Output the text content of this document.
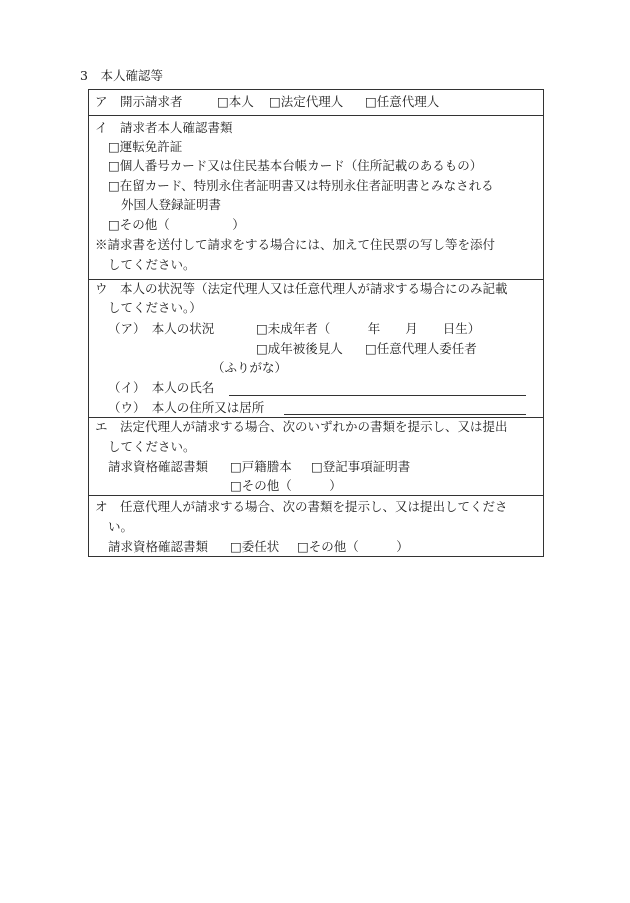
3　本人確認等
ア　開示請求者	□本人 □法定代理人 □任意代理人
イ　請求者本人確認書類
□運転免許証
□個人番号カード又は住民基本台帳カード（住所記載のあるもの）
□在留カード、特別永住者証明書又は特別永住者証明書とみなされる
外国人登録証明書
□その他（　　　　　）
※請求書を送付して請求をする場合には、加えて住民票の写し等を添付
してください。
ウ　本人の状況等（法定代理人又は任意代理人が請求する場合にのみ記載
してください。）
（ア）　本人の状況	□未成年者（　　　年　　月　　日生）
□成年被後見人 □任意代理人委任者
（ふりがな）
（イ）　本人の氏名
（ウ）　本人の住所又は居所
エ　法定代理人が請求する場合、次のいずれかの書類を提示し、又は提出
してください。
請求資格確認書類 □戸籍謄本 □登記事項証明書
□その他（　　　）
オ　任意代理人が請求する場合、次の書類を提示し、又は提出してくださ
い。
請求資格確認書類 □委任状 □その他（　　　）
